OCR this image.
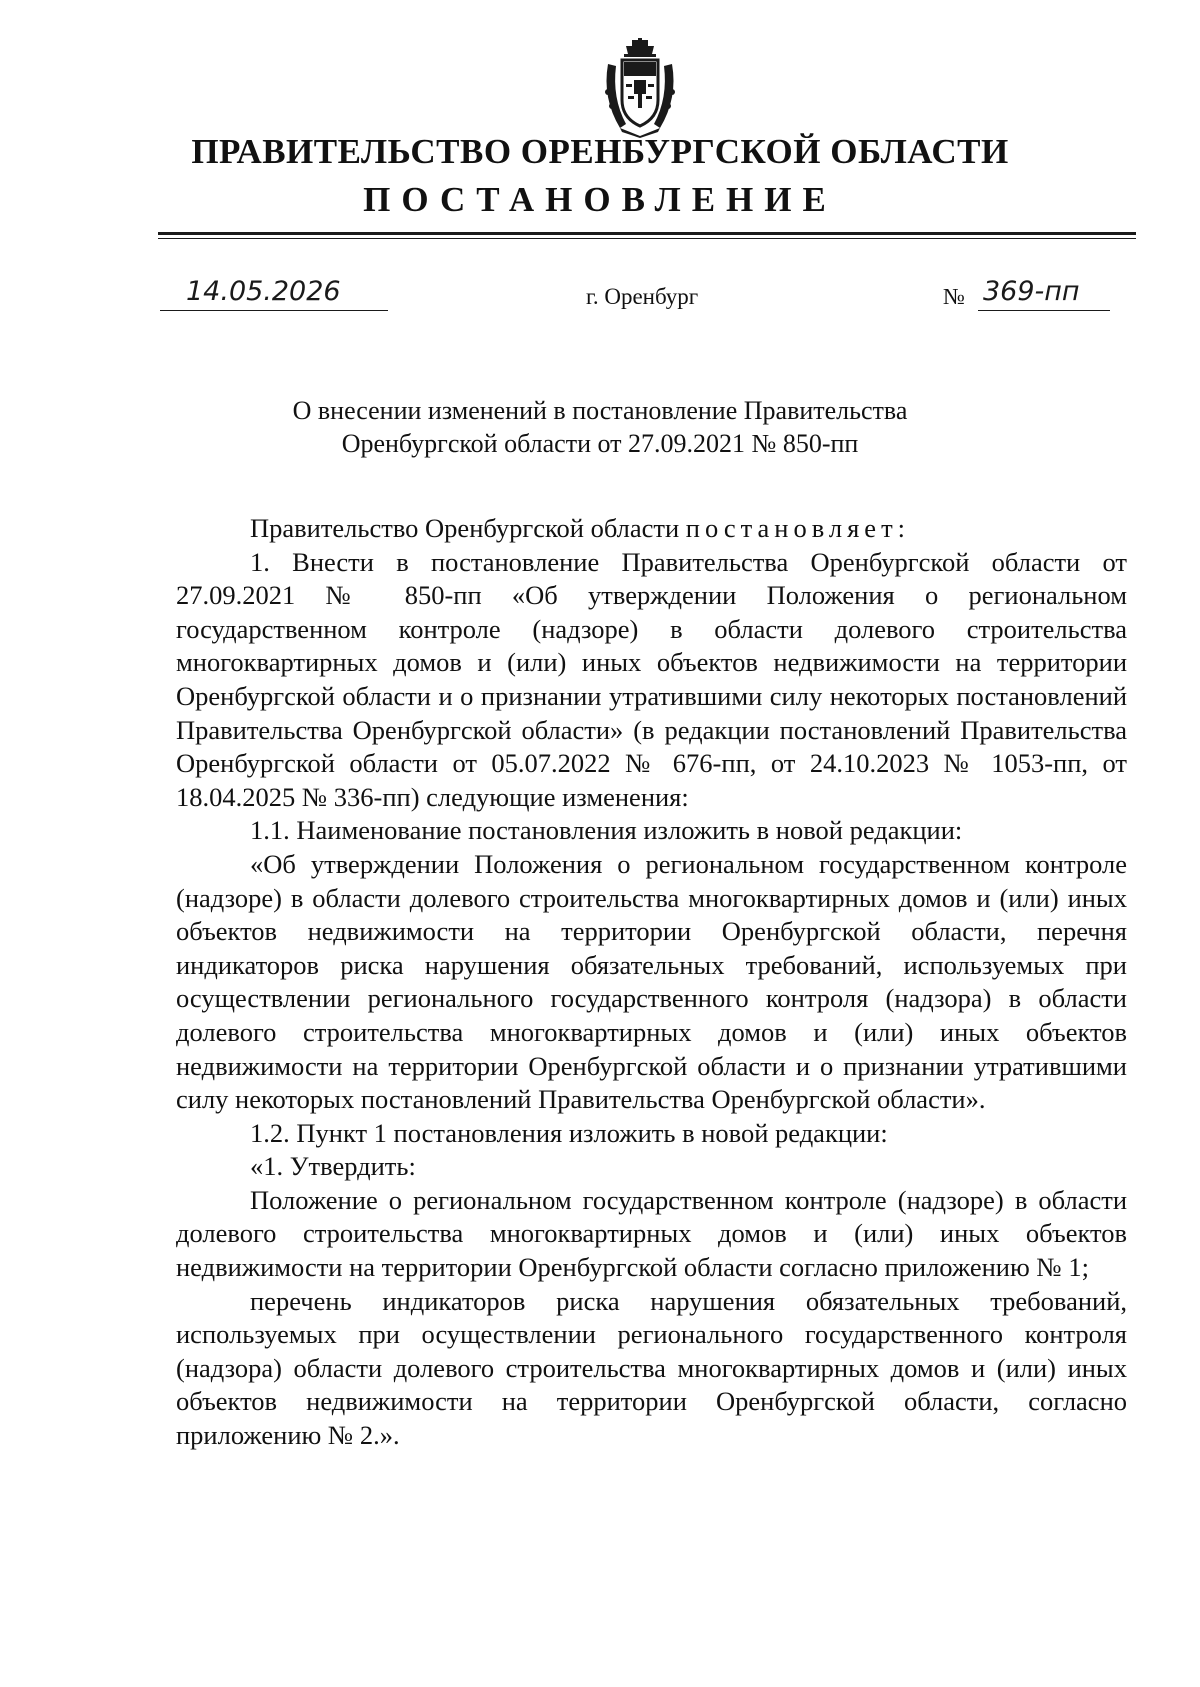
ПРАВИТЕЛЬСТВО ОРЕНБУРГСКОЙ ОБЛАСТИ
ПОСТАНОВЛЕНИЕ
14.05.2026	г. Оренбург	№ 369-пп
О внесении изменений в постановление Правительства
Оренбургской области от 27.09.2021 № 850-пп

Правительство Оренбургской области постановляет:

1. Внести в постановление Правительства Оренбургской области от 27.09.2021 № 850-пп «Об утверждении Положения о региональном государственном контроле (надзоре) в области долевого строительства многоквартирных домов и (или) иных объектов недвижимости на территории Оренбургской области и о признании утратившими силу некоторых постановлений Правительства Оренбургской области» (в редакции постановлений Правительства Оренбургской области от 05.07.2022 № 676-пп, от 24.10.2023 № 1053-пп, от 18.04.2025 № 336-пп) следующие изменения:

1.1. Наименование постановления изложить в новой редакции:

«Об утверждении Положения о региональном государственном контроле (надзоре) в области долевого строительства многоквартирных домов и (или) иных объектов недвижимости на территории Оренбургской области, перечня индикаторов риска нарушения обязательных требований, используемых при осуществлении регионального государственного контроля (надзора) в области долевого строительства многоквартирных домов и (или) иных объектов недвижимости на территории Оренбургской области и о признании утратившими силу некоторых постановлений Правительства Оренбургской области».

1.2. Пункт 1 постановления изложить в новой редакции:

«1. Утвердить:

Положение о региональном государственном контроле (надзоре) в области долевого строительства многоквартирных домов и (или) иных объектов недвижимости на территории Оренбургской области согласно приложению № 1;

перечень индикаторов риска нарушения обязательных требований, используемых при осуществлении регионального государственного контроля (надзора) области долевого строительства многоквартирных домов и (или) иных объектов недвижимости на территории Оренбургской области, согласно приложению № 2.».
